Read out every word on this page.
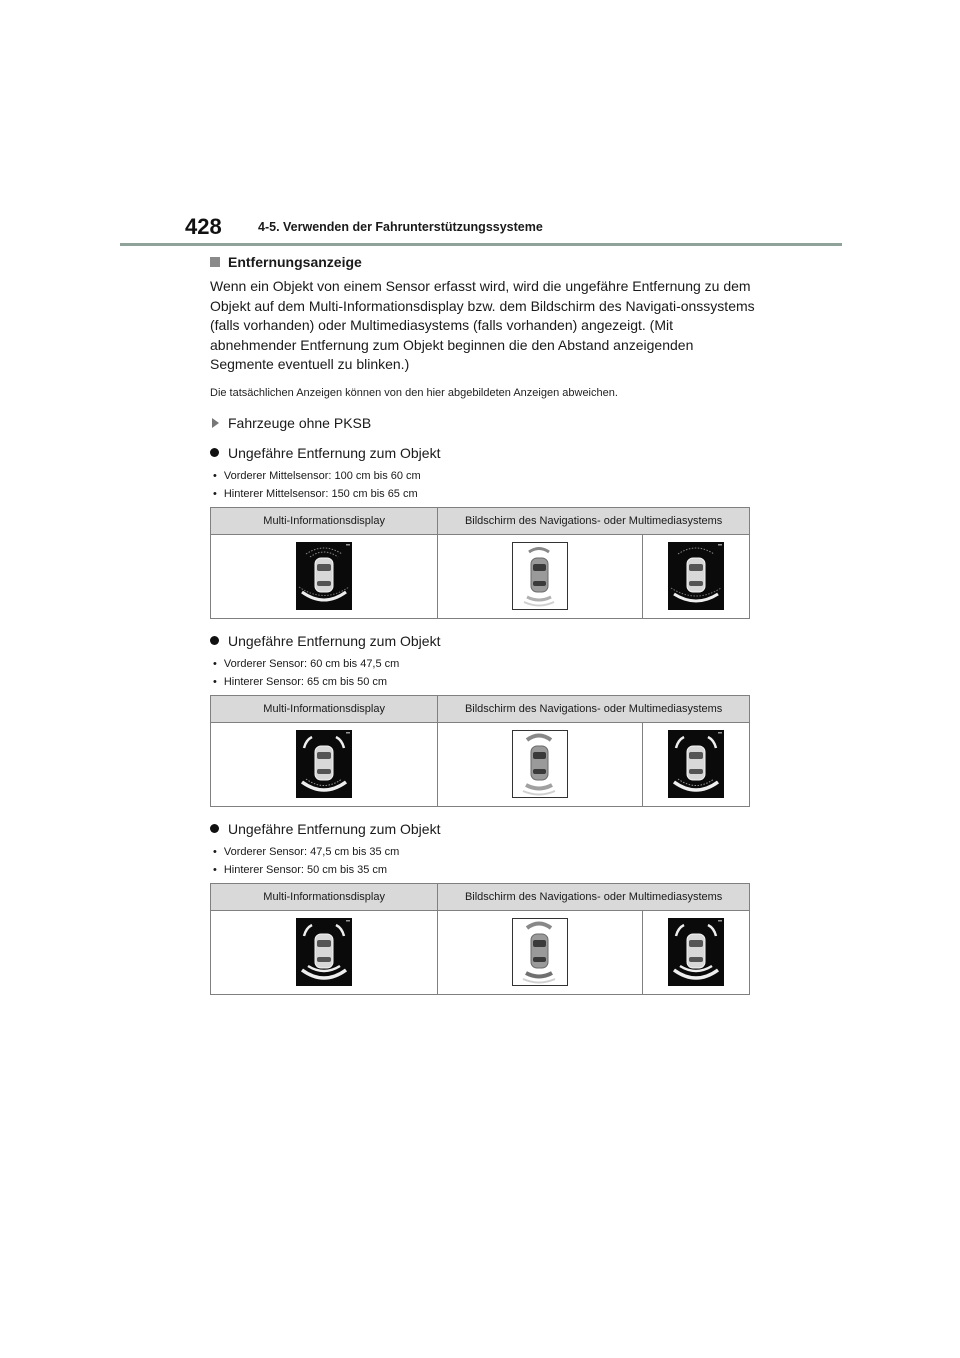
428	4-5. Verwenden der Fahrunterstützungssysteme
Entfernungsanzeige

Wenn ein Objekt von einem Sensor erfasst wird, wird die ungefähre Entfernung zu dem Objekt auf dem Multi-Informationsdisplay bzw. dem Bildschirm des Navigati-onssystems (falls vorhanden) oder Multimediasystems (falls vorhanden) angezeigt. (Mit abnehmender Entfernung zum Objekt beginnen die den Abstand anzeigenden Segmente eventuell zu blinken.)

Die tatsächlichen Anzeigen können von den hier abgebildeten Anzeigen abweichen.

Fahrzeuge ohne PKSB
Ungefähre Entfernung zum Objekt
• Vorderer Mittelsensor: 100 cm bis 60 cm
• Hinterer Mittelsensor: 150 cm bis 65 cm
Multi-Informationsdisplay	Bildschirm des Navigations- oder Multimediasystems	

Ungefähre Entfernung zum Objekt
• Vorderer Sensor: 60 cm bis 47,5 cm
• Hinterer Sensor: 65 cm bis 50 cm
Multi-Informationsdisplay	Bildschirm des Navigations- oder Multimediasystems	

Ungefähre Entfernung zum Objekt
• Vorderer Sensor: 47,5 cm bis 35 cm
• Hinterer Sensor: 50 cm bis 35 cm
Multi-Informationsdisplay	Bildschirm des Navigations- oder Multimediasystems	
